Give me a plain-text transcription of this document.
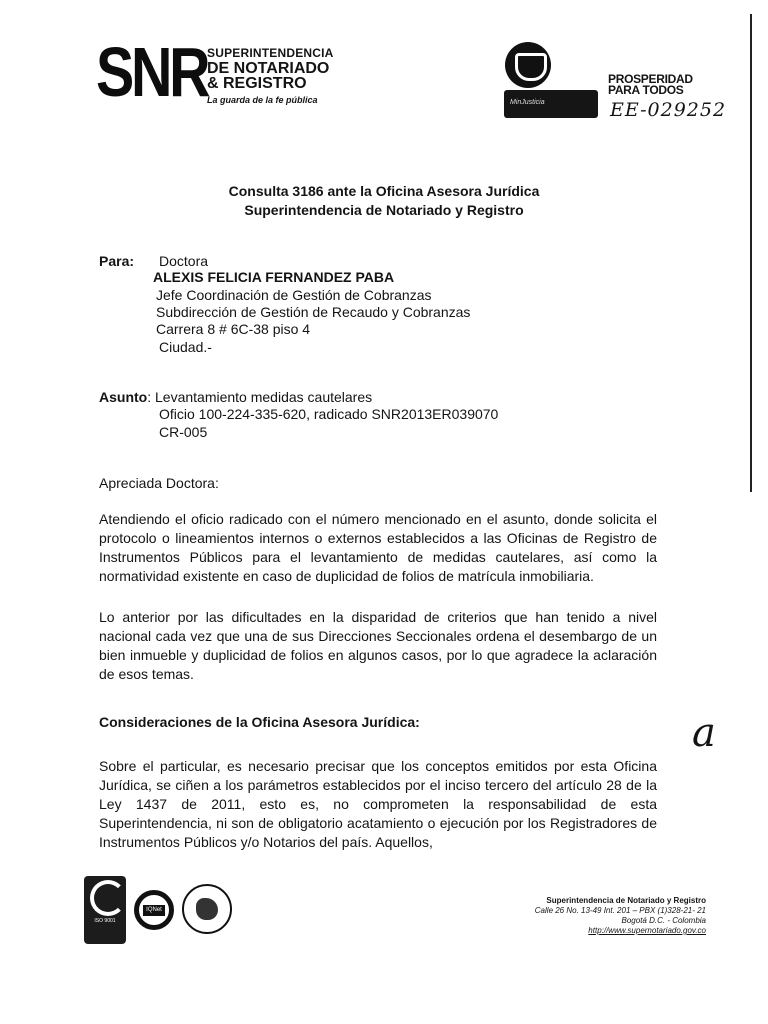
SNR SUPERINTENDENCIA
DE NOTARIADO
& REGISTRO
La guarda de la fe pública	MinJusticia
PROSPERIDAD
PARA TODOS
EE-029252
Consulta 3186 ante la Oficina Asesora Jurídica
Superintendencia de Notariado y Registro
Para: Doctora
ALEXIS FELICIA FERNANDEZ PABA
Jefe Coordinación de Gestión de Cobranzas
Subdirección de Gestión de Recaudo y Cobranzas
Carrera 8 # 6C-38 piso 4
Ciudad.-
Asunto: Levantamiento medidas cautelares
Oficio 100-224-335-620, radicado SNR2013ER039070
CR-005
Apreciada Doctora:
Atendiendo el oficio radicado con el número mencionado en el asunto, donde solicita el protocolo o lineamientos internos o externos establecidos a las Oficinas de Registro de Instrumentos Públicos para el levantamiento de medidas cautelares, así como la normatividad existente en caso de duplicidad de folios de matrícula inmobiliaria.
Lo anterior por las dificultades en la disparidad de criterios que han tenido a nivel nacional cada vez que una de sus Direcciones Seccionales ordena el desembargo de un bien inmueble y duplicidad de folios en algunos casos, por lo que agradece la aclaración de esos temas.
Consideraciones de la Oficina Asesora Jurídica:
Sobre el particular, es necesario precisar que los conceptos emitidos por esta Oficina Jurídica, se ciñen a los parámetros establecidos por el inciso tercero del artículo 28 de la Ley 1437 de 2011, esto es, no comprometen la responsabilidad de esta Superintendencia, ni son de obligatorio acatamiento o ejecución por los Registradores de Instrumentos Públicos y/o Notarios del país. Aquellos,
a
ISO 9001
IQNet
Superintendencia de Notariado y Registro
Calle 26 No. 13-49 Int. 201 – PBX (1)328-21- 21
Bogotá D.C. - Colombia
http://www.supernotariado.gov.co
